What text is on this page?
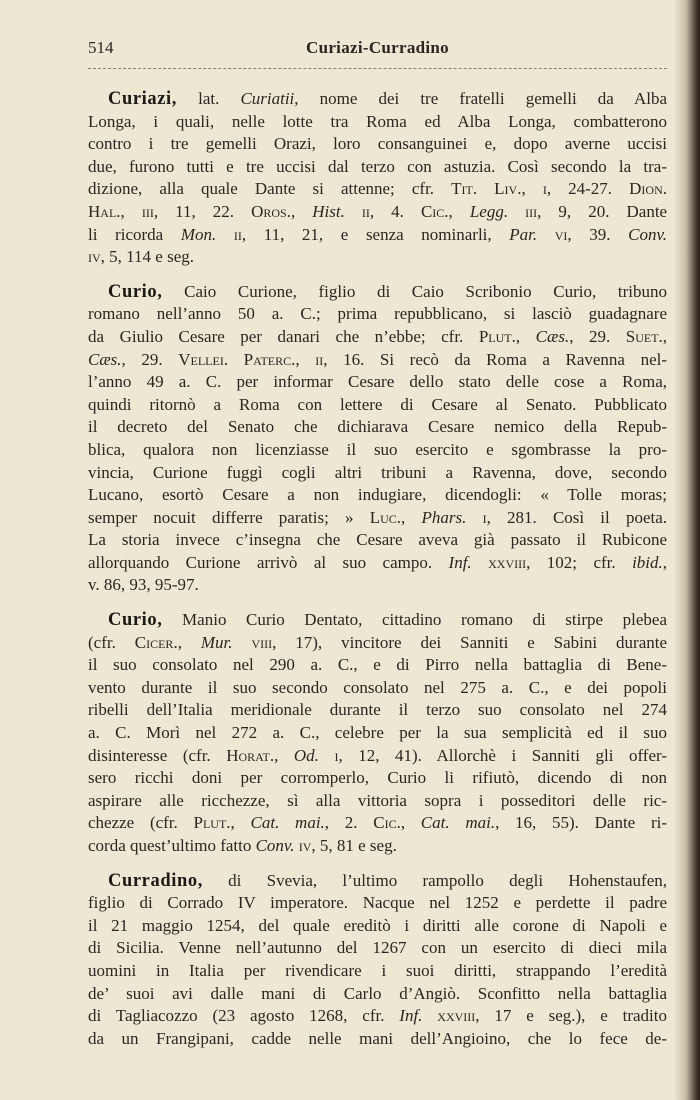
514	Curiazi-Curradino
Curiazi, lat. Curiatii, nome dei tre fratelli gemelli da Alba
Longa, i quali, nelle lotte tra Roma ed Alba Longa, combatterono
contro i tre gemelli Orazi, loro consanguinei e, dopo averne uccisi
due, furono tutti e tre uccisi dal terzo con astuzia. Così secondo la tra-
dizione, alla quale Dante si attenne; cfr. Tit. Liv., i, 24-27. Dion.
Hal., iii, 11, 22. Oros., Hist. ii, 4. Cic., Legg. iii, 9, 20. Dante
li ricorda Mon. ii, 11, 21, e senza nominarli, Par. vi, 39. Conv.
iv, 5, 114 e seg.
Curio, Caio Curione, figlio di Caio Scribonio Curio, tribuno
romano nell’anno 50 a. C.; prima repubblicano, si lasciò guadagnare
da Giulio Cesare per danari che n’ebbe; cfr. Plut., Cæs., 29. Suet.,
Cæs., 29. Vellei. Paterc., ii, 16. Si recò da Roma a Ravenna nel-
l’anno 49 a. C. per informar Cesare dello stato delle cose a Roma,
quindi ritornò a Roma con lettere di Cesare al Senato. Pubblicato
il decreto del Senato che dichiarava Cesare nemico della Repub-
blica, qualora non licenziasse il suo esercito e sgombrasse la pro-
vincia, Curione fuggì cogli altri tribuni a Ravenna, dove, secondo
Lucano, esortò Cesare a non indugiare, dicendogli: « Tolle moras;
semper nocuit differre paratis; » Luc., Phars. i, 281. Così il poeta.
La storia invece c’insegna che Cesare aveva già passato il Rubicone
allorquando Curione arrivò al suo campo. Inf. xxviii, 102; cfr. ibid.,
v. 86, 93, 95-97.
Curio, Manio Curio Dentato, cittadino romano di stirpe plebea
(cfr. Cicer., Mur. viii, 17), vincitore dei Sanniti e Sabini durante
il suo consolato nel 290 a. C., e di Pirro nella battaglia di Bene-
vento durante il suo secondo consolato nel 275 a. C., e dei popoli
ribelli dell’Italia meridionale durante il terzo suo consolato nel 274
a. C. Morì nel 272 a. C., celebre per la sua semplicità ed il suo
disinteresse (cfr. Horat., Od. i, 12, 41). Allorchè i Sanniti gli offer-
sero ricchi doni per corromperlo, Curio li rifiutò, dicendo di non
aspirare alle ricchezze, sì alla vittoria sopra i posseditori delle ric-
chezze (cfr. Plut., Cat. mai., 2. Cic., Cat. mai., 16, 55). Dante ri-
corda quest’ultimo fatto Conv. iv, 5, 81 e seg.
Curradino, di Svevia, l’ultimo rampollo degli Hohenstaufen,
figlio di Corrado IV imperatore. Nacque nel 1252 e perdette il padre
il 21 maggio 1254, del quale ereditò i diritti alle corone di Napoli e
di Sicilia. Venne nell’autunno del 1267 con un esercito di dieci mila
uomini in Italia per rivendicare i suoi diritti, strappando l’eredità
de’ suoi avi dalle mani di Carlo d’Angiò. Sconfitto nella battaglia
di Tagliacozzo (23 agosto 1268, cfr. Inf. xxviii, 17 e seg.), e tradito
da un Frangipani, cadde nelle mani dell’Angioino, che lo fece de-
